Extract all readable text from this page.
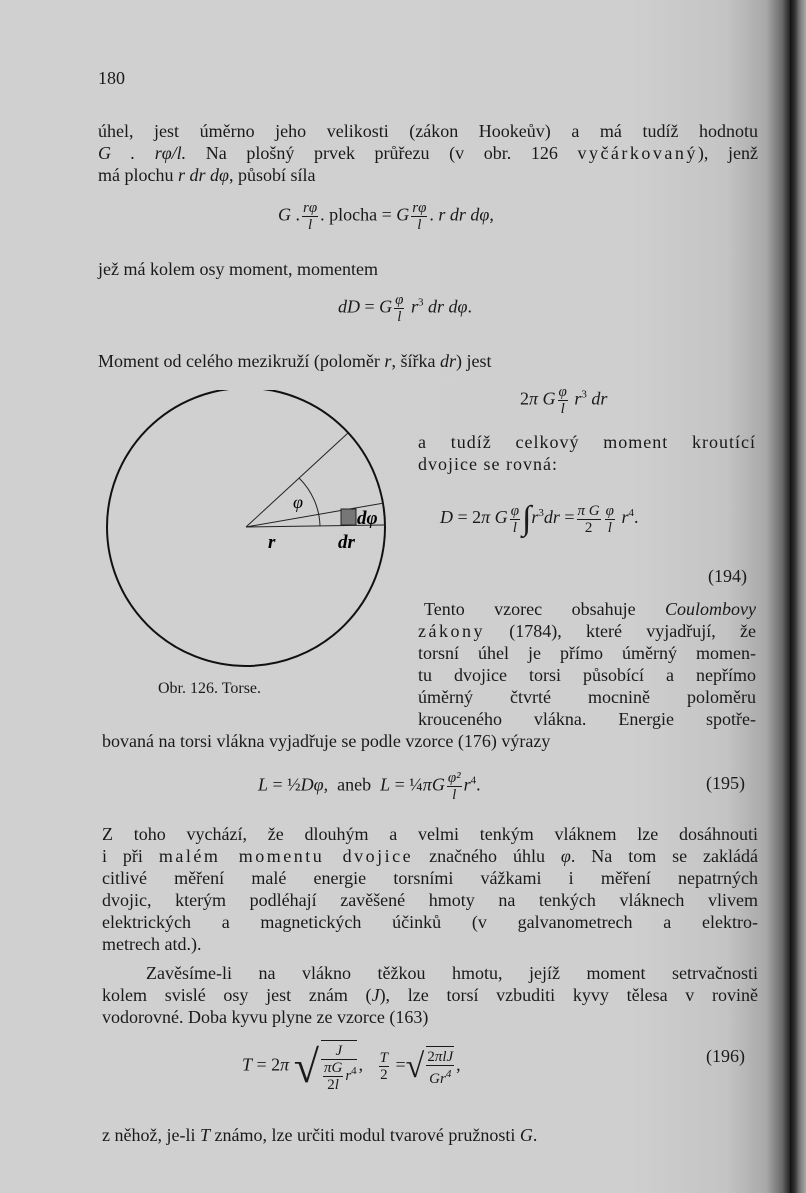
180
úhel, jest úměrno jeho velikosti (zákon Hookeův) a má tudíž hodnotu
G . rφ/l. Na plošný prvek průřezu (v obr. 126 vyčárkovaný), jenž
má plochu r dr dφ, působí síla
G . $\frac{r\varphi}{l}$ . plocha = G $\frac{r\varphi}{l}$ . r dr dφ,
jež má kolem osy moment, momentem
dD = G $\frac{\varphi}{l} r^3$ dr dφ.
Moment od celého mezikruží (poloměr r, šířka dr) jest
2π G $\frac{\varphi}{l} r^3$ dr
φ
r	dr
dφ
Obr. 126. Torse.
a tudíž celkový moment kroutící
dvojice se rovná:
D = 2π G $\frac{\varphi}{l} \int r^3dr = \frac{\text{π G}}{2} \frac{\varphi}{l} r^4$.
(194)
Tento vzorec obsahuje Coulombovy
zákony (1784), které vyjadřují, že
torsní úhel je přímo úměrný momen-
tu dvojice torsi působící a nepřímo
úměrný čtvrté mocnině poloměru
krouceného vlákna. Energie spotře-
bovaná na torsi vlákna vyjadřuje se podle vzorce (176) výrazy
L = ½Dφ,  aneb  L = ¼πG $\frac{\text{φ²}}{l} r^4$.	(195)
Z toho vychází, že dlouhým a velmi tenkým vláknem lze dosáhnouti
i při malém momentu dvojice značného úhlu φ. Na tom se zakládá
citlivé měření malé energie torsními vážkami i měření nepatrných
dvojic, kterým podléhají zavěšené hmoty na tenkých vláknech vlivem
elektrických a magnetických účinků (v galvanometrech a elektro-
metrech atd.).
Zavěsíme-li na vlákno těžkou hmotu, jejíž moment setrvačnosti
kolem svislé osy jest znám (J), lze torsí vzbuditi kyvy tělesa v rovině
vodorovné. Doba kyvu plyne ze vzorce (163)
T = 2π √ $\frac{J}{\frac{\pi G}{2l} r^4}$ , $\frac{T}{2}$ =√ $\frac{\text{2πlJ}}{Gr^4}$ ,	(196)
z něhož, je-li T známo, lze určiti modul tvarové pružnosti G.
